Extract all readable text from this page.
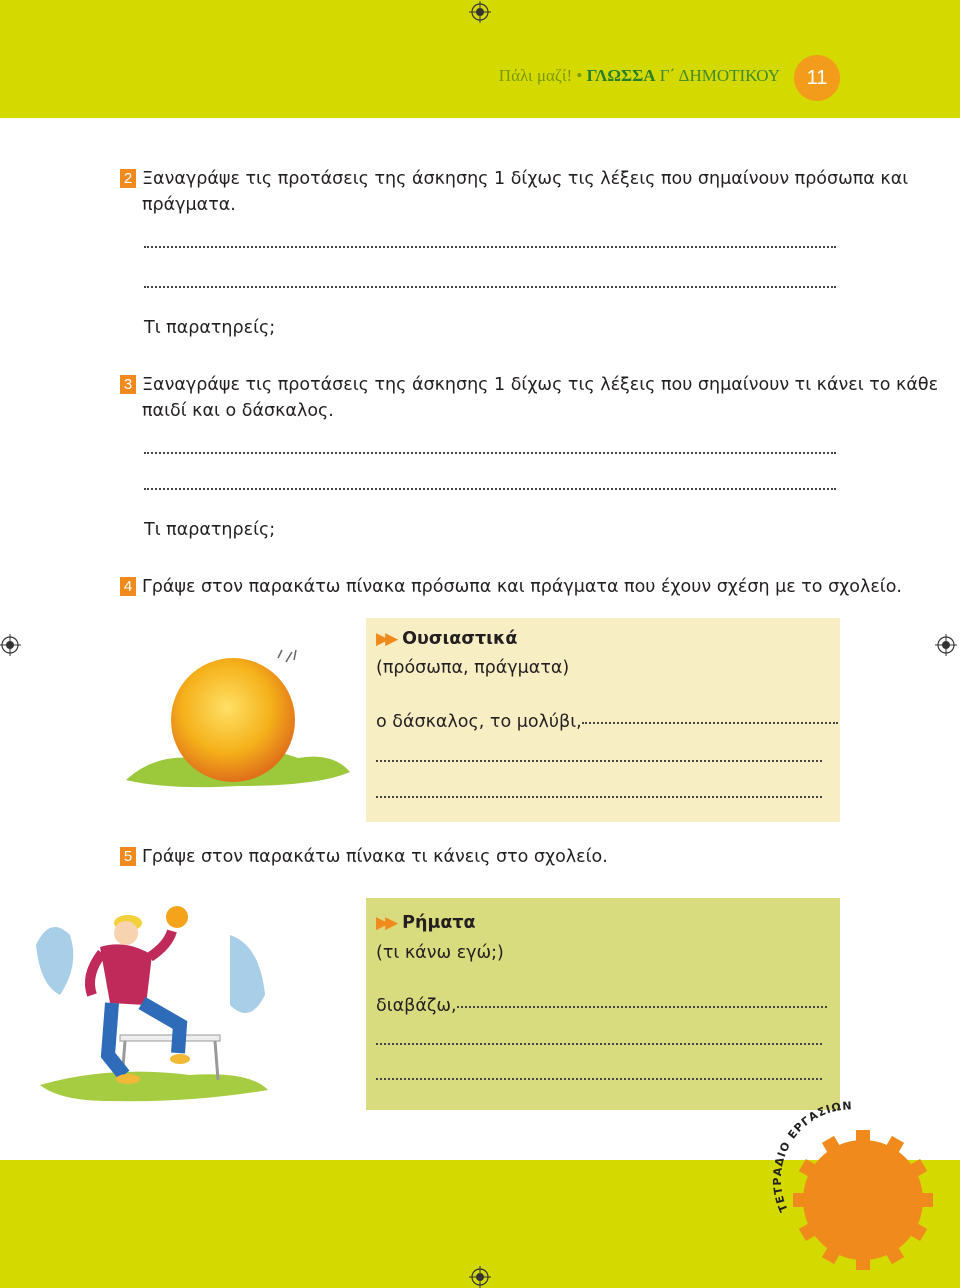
Πάλι μαζί! • ΓΛΩΣΣΑ Γ΄ ΔΗΜΟΤΙΚΟΥ	11
2 Ξαναγράψε τις προτάσεις της άσκησης 1 δίχως τις λέξεις που σημαίνουν πρόσωπα και
πράγματα.
Τι παρατηρείς;
3 Ξαναγράψε τις προτάσεις της άσκησης 1 δίχως τις λέξεις που σημαίνουν τι κάνει το κάθε
παιδί και ο δάσκαλος.
Τι παρατηρείς;
4 Γράψε στον παρακάτω πίνακα πρόσωπα και πράγματα που έχουν σχέση με το σχολείο.
▶▶ Ουσιαστικά
(πρόσωπα, πράγματα)
ο δάσκαλος, το μολύβι,
5 Γράψε στον παρακάτω πίνακα τι κάνεις στο σχολείο.
▶▶ Ρήματα
(τι κάνω εγώ;)
διαβάζω,
ΤΕΤΡΑΔΙΟ ΕΡΓΑΣΙΩΝ
